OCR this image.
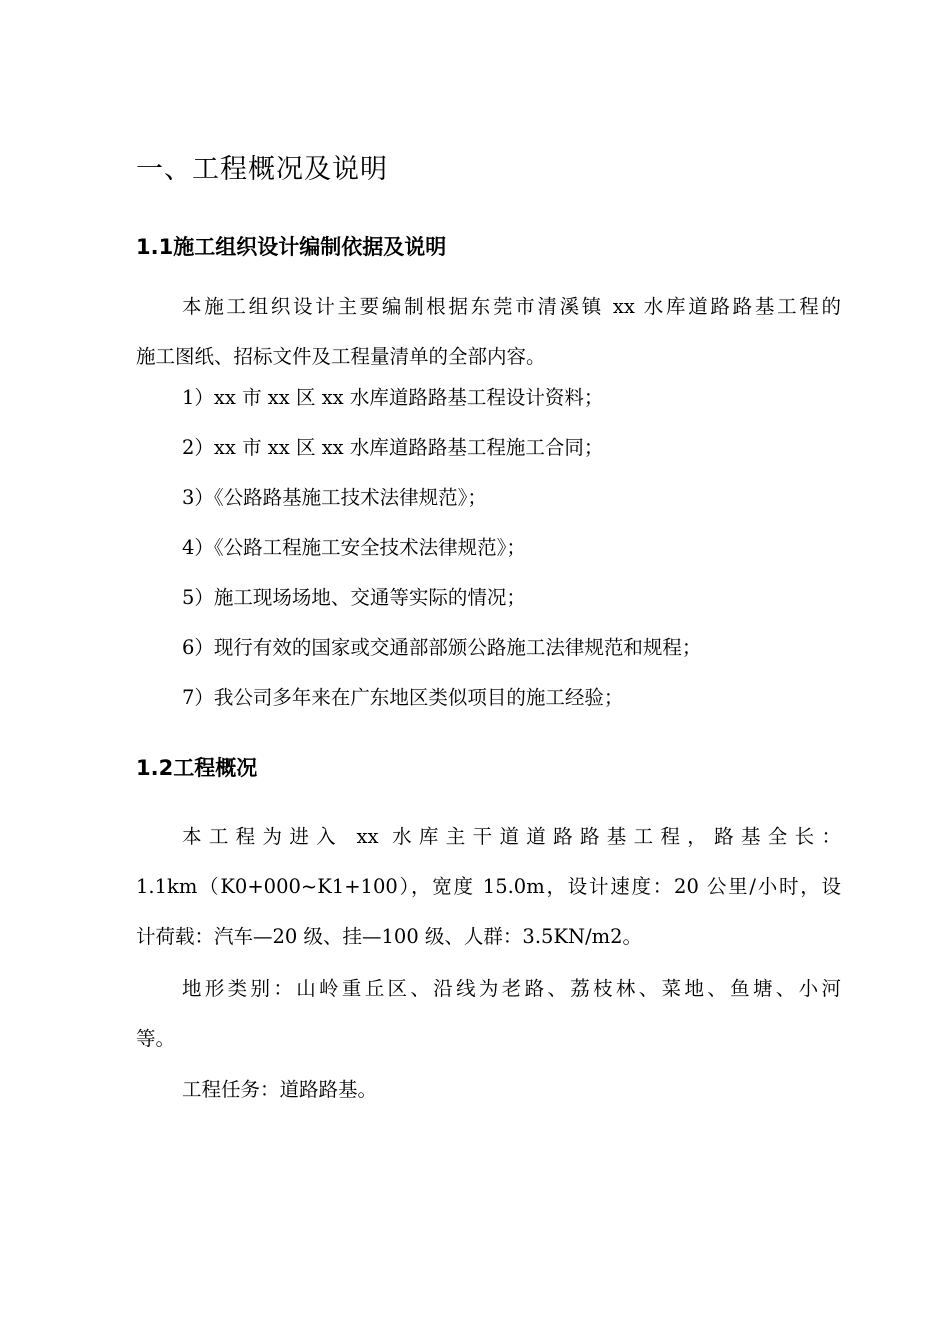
一、工程概况及说明
1.1施工组织设计编制依据及说明
本施工组织设计主要编制根据东莞市清溪镇 xx 水库道路路基工程的
施工图纸、招标文件及工程量清单的全部内容。
1）xx 市 xx 区 xx 水库道路路基工程设计资料；
2）xx 市 xx 区 xx 水库道路路基工程施工合同；
3）《公路路基施工技术法律规范》；
4）《公路工程施工安全技术法律规范》；
5）施工现场场地、交通等实际的情况；
6）现行有效的国家或交通部部颁公路施工法律规范和规程；
7）我公司多年来在广东地区类似项目的施工经验；
1.2工程概况
本工程为进入 xx 水库主干道道路路基工程，路基全长：
1.1km（K0+000~K1+100），宽度 15.0m，设计速度：20 公里/小时，设
计荷载：汽车—20 级、挂—100 级、人群：3.5KN/m2。
地形类别：山岭重丘区、沿线为老路、荔枝林、菜地、鱼塘、小河
等。
工程任务：道路路基。
